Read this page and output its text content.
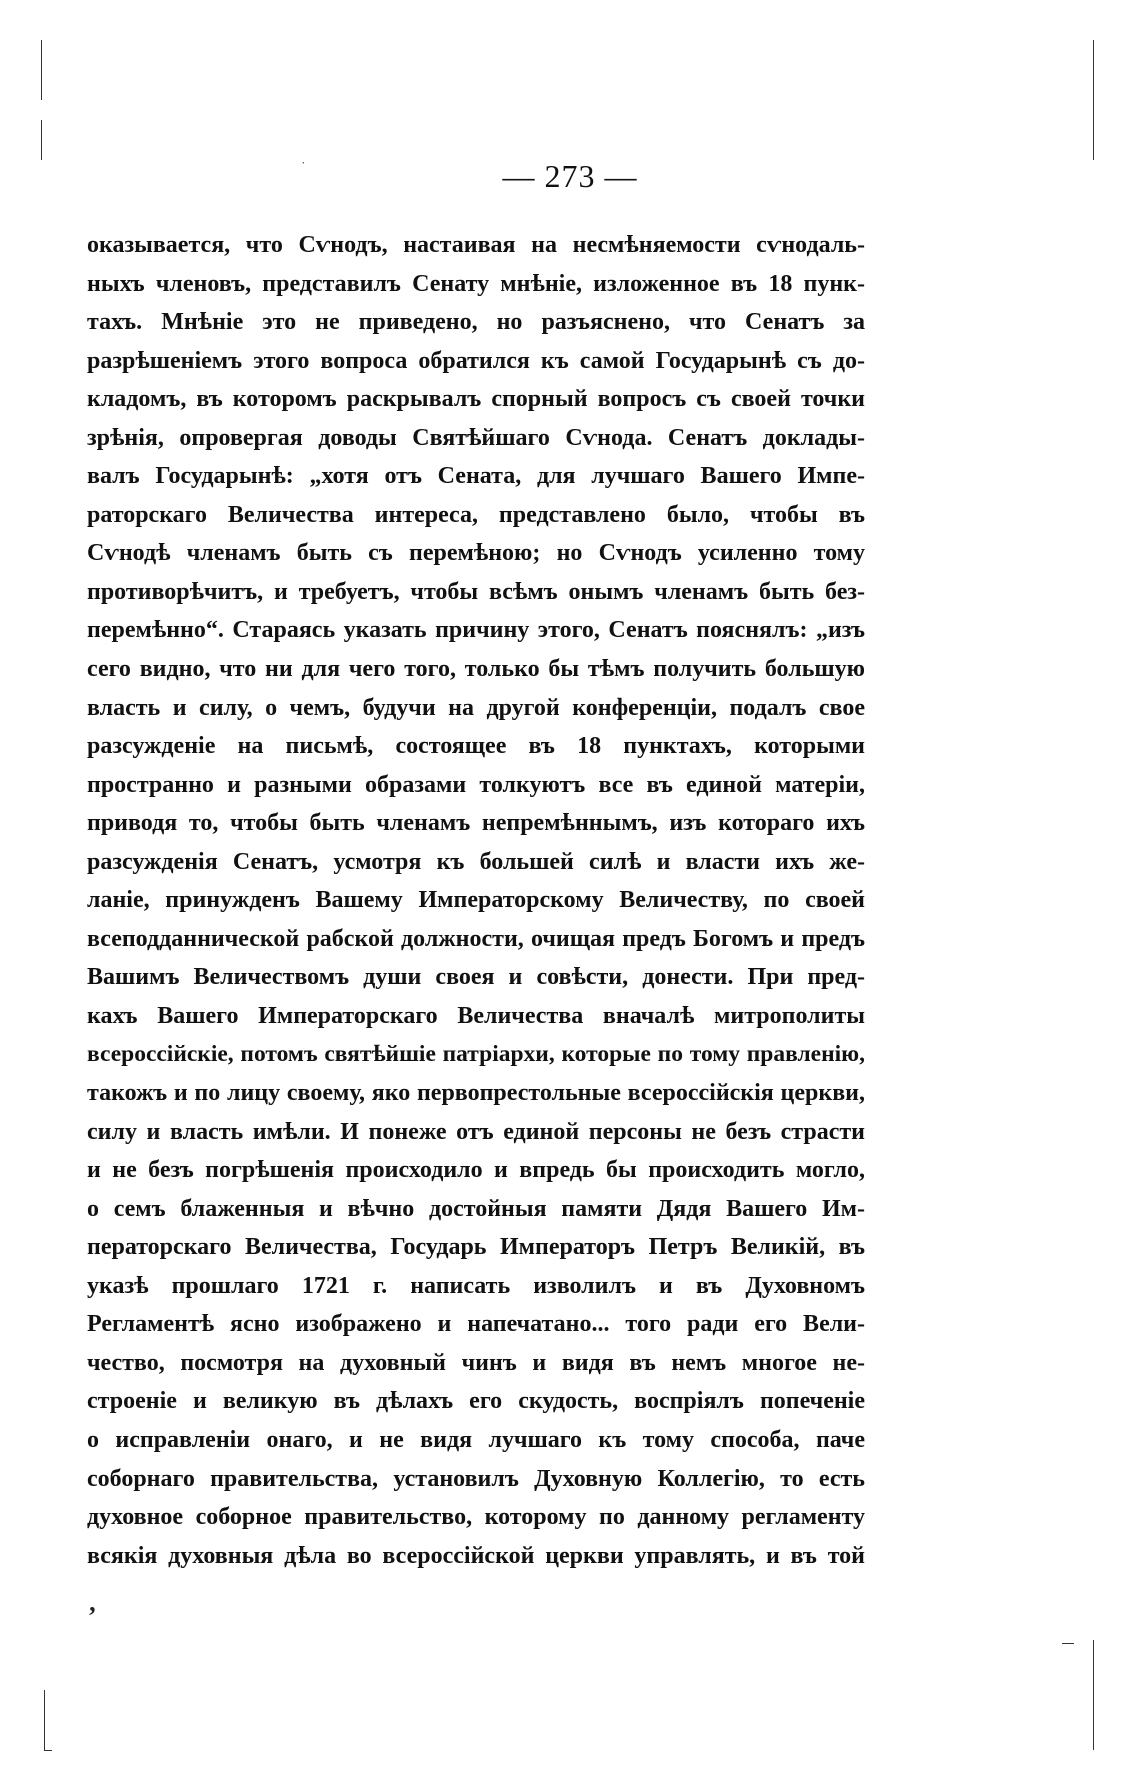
˙
‚
— 273 —
оказывается, что Сѵнодъ, настаивая на несмѣняемости сѵнодаль-
ныхъ членовъ, представилъ Сенату мнѣніе, изложенное въ 18 пунк-
тахъ. Мнѣніе это не приведено, но разъяснено, что Сенатъ за
разрѣшеніемъ этого вопроса обратился къ самой Государынѣ съ до-
кладомъ, въ которомъ раскрывалъ спорный вопросъ съ своей точки
зрѣнія, опровергая доводы Святѣйшаго Сѵнода. Сенатъ доклады-
валъ Государынѣ: „хотя отъ Сената, для лучшаго Вашего Импе-
раторскаго Величества интереса, представлено было, чтобы въ
Сѵнодѣ членамъ быть съ перемѣною; но Сѵнодъ усиленно тому
противорѣчитъ, и требуетъ, чтобы всѣмъ онымъ членамъ быть без-
перемѣнно“. Стараясь указать причину этого, Сенатъ пояснялъ: „изъ
сего видно, что ни для чего того, только бы тѣмъ получить большую
власть и силу, о чемъ, будучи на другой конференціи, подалъ свое
разсужденіе на письмѣ, состоящее въ 18 пунктахъ, которыми
пространно и разными образами толкуютъ все въ единой матеріи,
приводя то, чтобы быть членамъ непремѣннымъ, изъ котораго ихъ
разсужденія Сенатъ, усмотря къ большей силѣ и власти ихъ же-
ланіе, принужденъ Вашему Императорскому Величеству, по своей
всеподданнической рабской должности, очищая предъ Богомъ и предъ
Вашимъ Величествомъ души своея и совѣсти, донести. При пред-
кахъ Вашего Императорскаго Величества вначалѣ митрополиты
всероссійскіе, потомъ святѣйшіе патріархи, которые по тому правленію,
такожъ и по лицу своему, яко первопрестольные всероссійскія церкви,
силу и власть имѣли. И понеже отъ единой персоны не безъ страсти
и не безъ погрѣшенія происходило и впредь бы происходить могло,
о семъ блаженныя и вѣчно достойныя памяти Дядя Вашего Им-
ператорскаго Величества, Государь Императоръ Петръ Великій, въ
указѣ прошлаго 1721 г. написать изволилъ и въ Духовномъ
Регламентѣ ясно изображено и напечатано... того ради его Вели-
чество, посмотря на духовный чинъ и видя въ немъ многое не-
строеніе и великую въ дѣлахъ его скудость, воспріялъ попеченіе
о исправленіи онаго, и не видя лучшаго къ тому способа, паче
соборнаго правительства, установилъ Духовную Коллегію, то есть
духовное соборное правительство, которому по данному регламенту
всякія духовныя дѣла во всероссійской церкви управлять, и въ той
